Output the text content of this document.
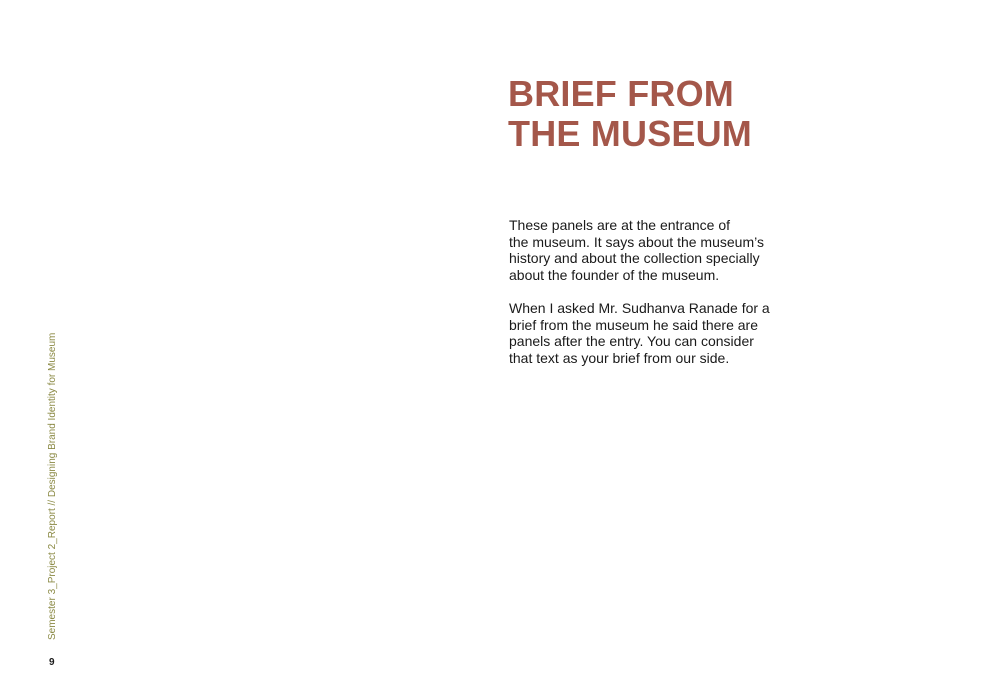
BRIEF FROM
THE MUSEUM

These panels are at the entrance of
the museum. It says about the museum’s
history and about the collection specially
about the founder of the museum.

When I asked Mr. Sudhanva Ranade for a
brief from the museum he said there are
panels after the entry. You can consider
that text as your brief from our side.

Semester 3_Project 2_Report // Designing Brand Identity for Museum
9
